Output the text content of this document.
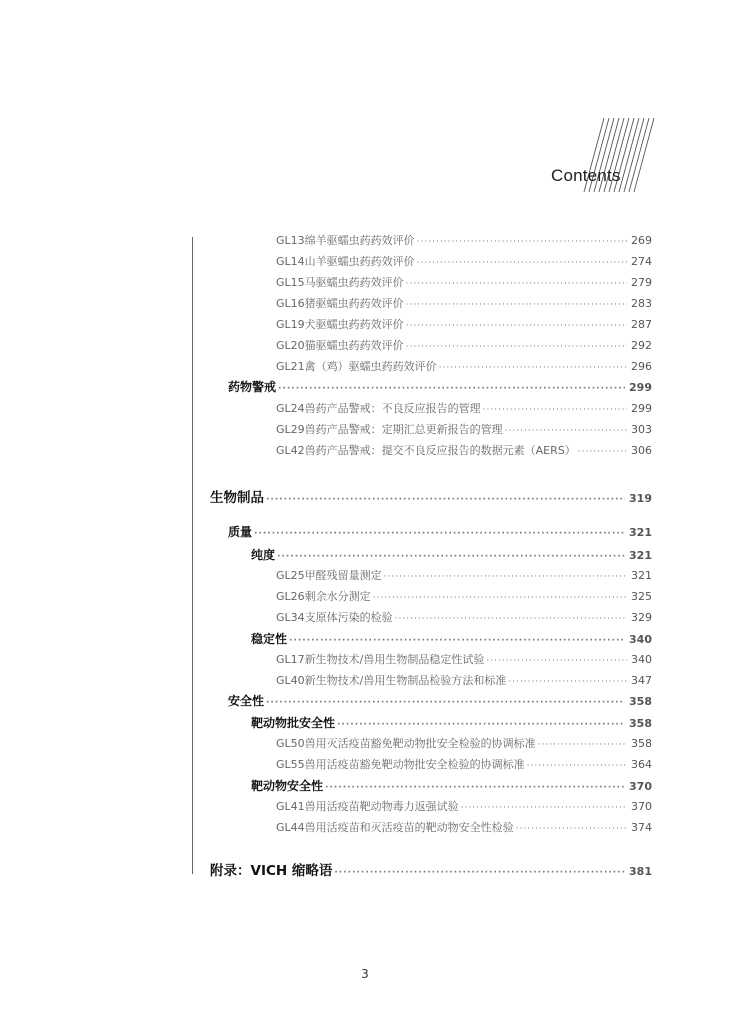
Contents
GL13绵羊驱蠕虫药药效评价 ·····	269
GL14山羊驱蠕虫药药效评价 ·····	274
GL15马驱蠕虫药药效评价 ·····	279
GL16猪驱蠕虫药药效评价 ·····	283
GL19犬驱蠕虫药药效评价 ·····	287
GL20猫驱蠕虫药药效评价 ·····	292
GL21禽（鸡）驱蠕虫药药效评价 ·····	296
药物警戒 ·····	299
GL24兽药产品警戒：不良反应报告的管理 ·····	299
GL29兽药产品警戒：定期汇总更新报告的管理 ·····	303
GL42兽药产品警戒：提交不良反应报告的数据元素（AERS） ·····	306
生物制品 ·····	319
质量 ·····	321
纯度 ·····	321
GL25甲醛残留量测定 ·····	321
GL26剩余水分测定 ·····	325
GL34支原体污染的检验 ·····	329
稳定性 ·····	340
GL17新生物技术/兽用生物制品稳定性试验 ·····	340
GL40新生物技术/兽用生物制品检验方法和标准 ·····	347
安全性 ·····	358
靶动物批安全性 ·····	358
GL50兽用灭活疫苗豁免靶动物批安全检验的协调标准 ·····	358
GL55兽用活疫苗豁免靶动物批安全检验的协调标准 ·····	364
靶动物安全性 ·····	370
GL41兽用活疫苗靶动物毒力返强试验 ·····	370
GL44兽用活疫苗和灭活疫苗的靶动物安全性检验 ·····	374
附录：VICH 缩略语 ·····	381
3
